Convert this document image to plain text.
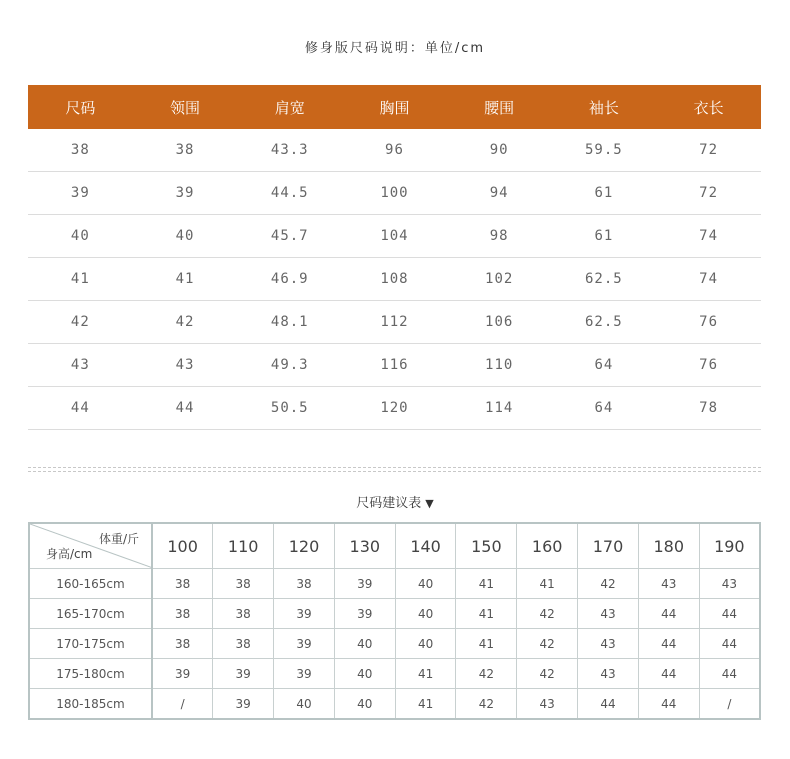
修身版尺码说明：单位/cm
尺码	领围	肩宽	胸围	腰围	袖长	衣长
38	38	43.3	96	90	59.5	72
39	39	44.5	100	94	61	72
40	40	45.7	104	98	61	74
41	41	46.9	108	102	62.5	74
42	42	48.1	112	106	62.5	76
43	43	49.3	116	110	64	76
44	44	50.5	120	114	64	78
尺码建议表 ▼
体重/斤
身高/cm	100	110	120	130	140	150	160	170	180	190
160-165cm	38	38	38	39	40	41	41	42	43	43
165-170cm	38	38	39	39	40	41	42	43	44	44
170-175cm	38	38	39	40	40	41	42	43	44	44
175-180cm	39	39	39	40	41	42	42	43	44	44
180-185cm	/	39	40	40	41	42	43	44	44	/
